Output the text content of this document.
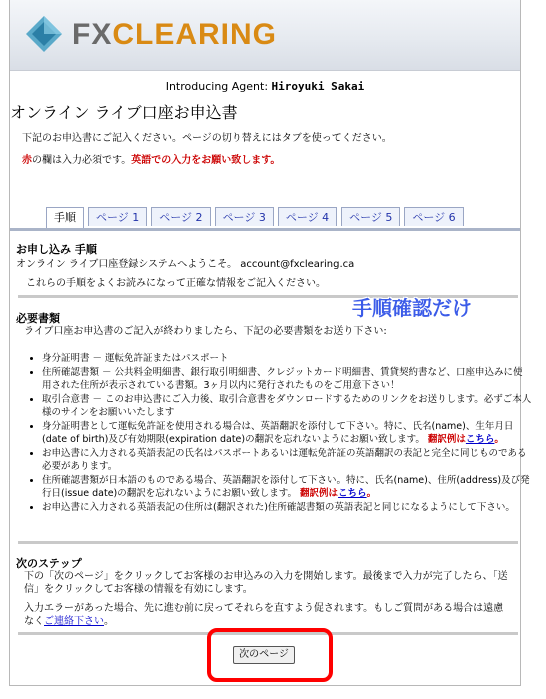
FXCLEARING
Introducing Agent: Hiroyuki Sakai
オンライン ライブ口座お申込書
下記のお申込書にご記入ください。ページの切り替えにはタブを使ってください。
赤の欄は入力必須です。英語での入力をお願い致します。
手順	ページ 1	ページ 2	ページ 3	ページ 4	ページ 5	ページ 6
お申し込み 手順
オンライン ライブ口座登録システムへようこそ。 account@fxclearing.ca
これらの手順をよくお読みになって正確な情報をご記入ください。
手順確認だけ
必要書類
ライブ口座お申込書のご記入が終わりましたら、下記の必要書類をお送り下さい:
• 身分証明書 － 運転免許証またはパスポート
• 住所確認書類 － 公共料金明細書、銀行取引明細書、クレジットカード明細書、賃貸契約書など、口座申込みに使用された住所が表示されている書類。3ヶ月以内に発行されたものをご用意下さい！
• 取引合意書 － このお申込書にご入力後、取引合意書をダウンロードするためのリンクをお送りします。必ずご本人様のサインをお願いいたします
• 身分証明書として運転免許証を使用される場合は、英語翻訳を添付して下さい。特に、氏名(name)、生年月日(date of birth)及び有効期限(expiration date)の翻訳を忘れないようにお願い致します。 翻訳例はこちら。
• お申込書に入力される英語表記の氏名はパスポートあるいは運転免許証の英語翻訳の表記と完全に同じものである必要があります。
• 住所確認書類が日本語のものである場合、英語翻訳を添付して下さい。特に、氏名(name)、住所(address)及び発行日(issue date)の翻訳を忘れないようにお願い致します。 翻訳例はこちら。
• お申込書に入力される英語表記の住所は(翻訳された)住所確認書類の英語表記と同じになるようにして下さい。
次のステップ
下の「次のページ」をクリックしてお客様のお申込みの入力を開始します。最後まで入力が完了したら、「送信」をクリックしてお客様の情報を有効にします。
入力エラーがあった場合、先に進む前に戻ってそれらを直すよう促されます。もしご質問がある場合は遠慮なくご連絡下さい。
次のページ
